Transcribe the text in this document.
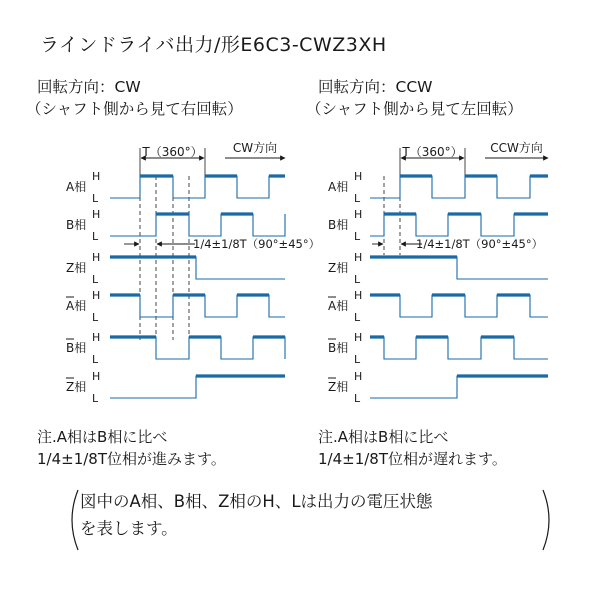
ラインドライバ出力/形E6C3-CWZ3XH
回転方向：CW
（シャフト側から見て右回転）
回転方向：CCW
（シャフト側から見て左回転）
T（360°）	CW方向
1/4±1/8T（90°±45°）
A相
H
L
B相
H
L
Z相
H
L
A相
H
L
B相
H
L
Z相
H
L
T（360°） CCW方向
1/4±1/8T（90°±45°）
A相
H
L
B相
H
L
Z相
H
L
A相
H
L
B相
H
L
Z相
H
L
注.A相はB相に比べ
1/4±1/8T位相が進みます。
注.A相はB相に比べ
1/4±1/8T位相が遅れます。
図中のA相、B相、Z相のH、Lは出力の電圧状態
を表します。
